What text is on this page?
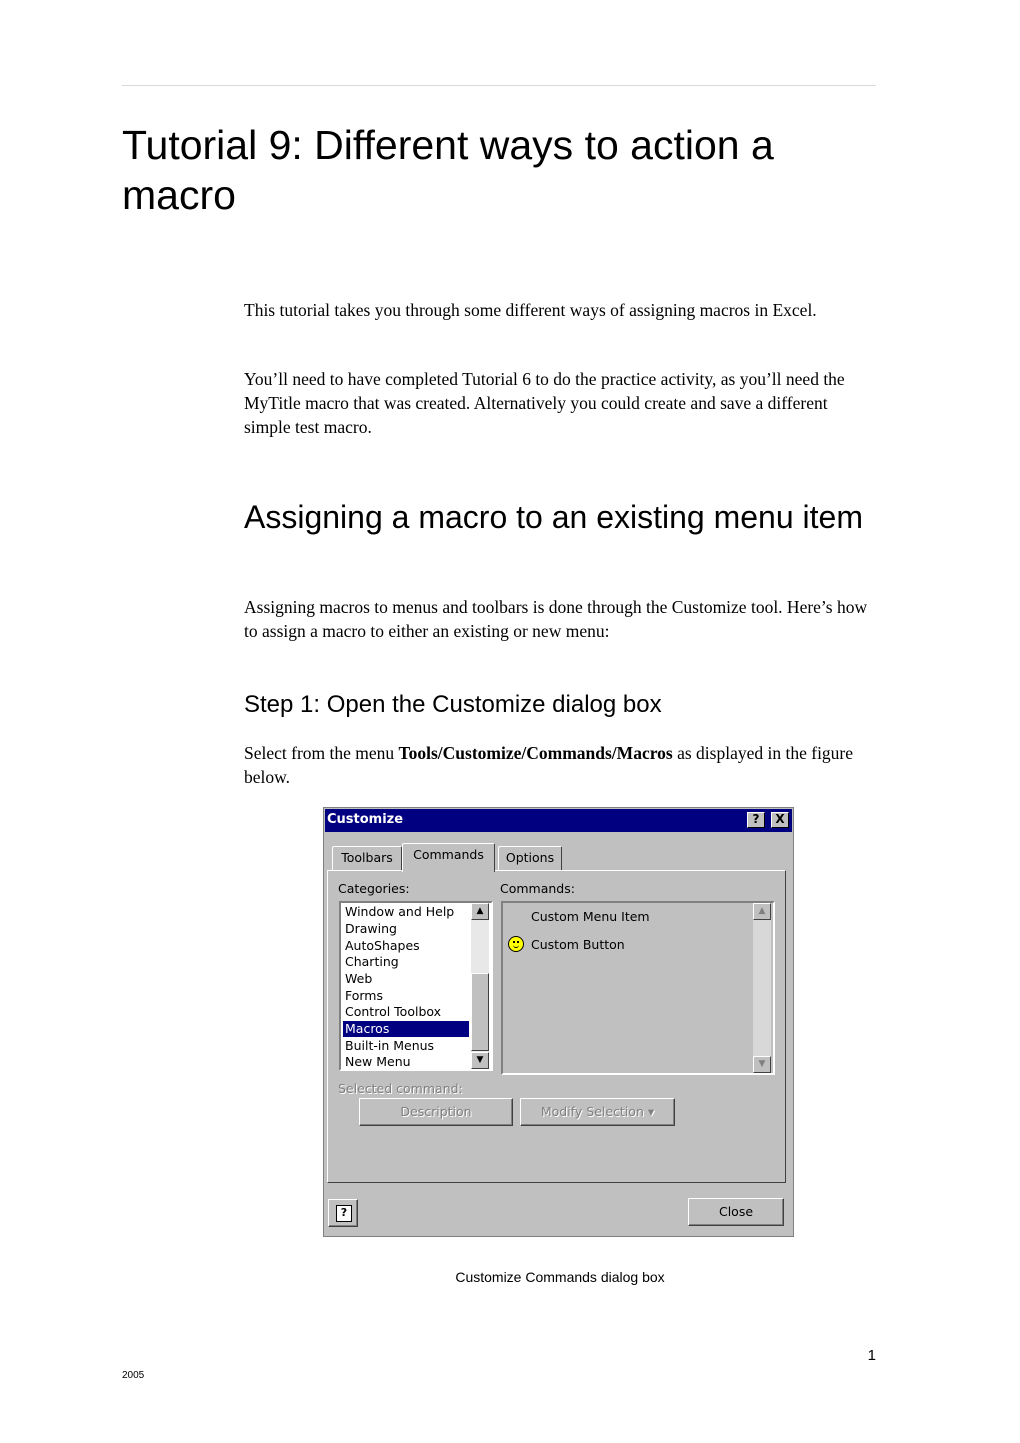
Tutorial 9: Different ways to action a macro

This tutorial takes you through some different ways of assigning macros in Excel.

You’ll need to have completed Tutorial 6 to do the practice activity, as you’ll need the MyTitle macro that was created. Alternatively you could create and save a different simple test macro.

Assigning a macro to an existing menu item

Assigning macros to menus and toolbars is done through the Customize tool. Here’s how to assign a macro to either an existing or new menu:

Step 1: Open the Customize dialog box

Select from the menu Tools/Customize/Commands/Macros as displayed in the figure below.

Customize	?	X
Toolbars	Commands	Options
Categories:
Window and Help
Drawing
AutoShapes
Charting
Web
Forms
Control Toolbox
Macros
Built-in Menus
New Menu
▲
▼
Commands:
Custom Menu Item
Custom Button
▲
▼
Selected command:
Description	Modify Selection ▾
?	Close
Customize Commands dialog box
1
2005
